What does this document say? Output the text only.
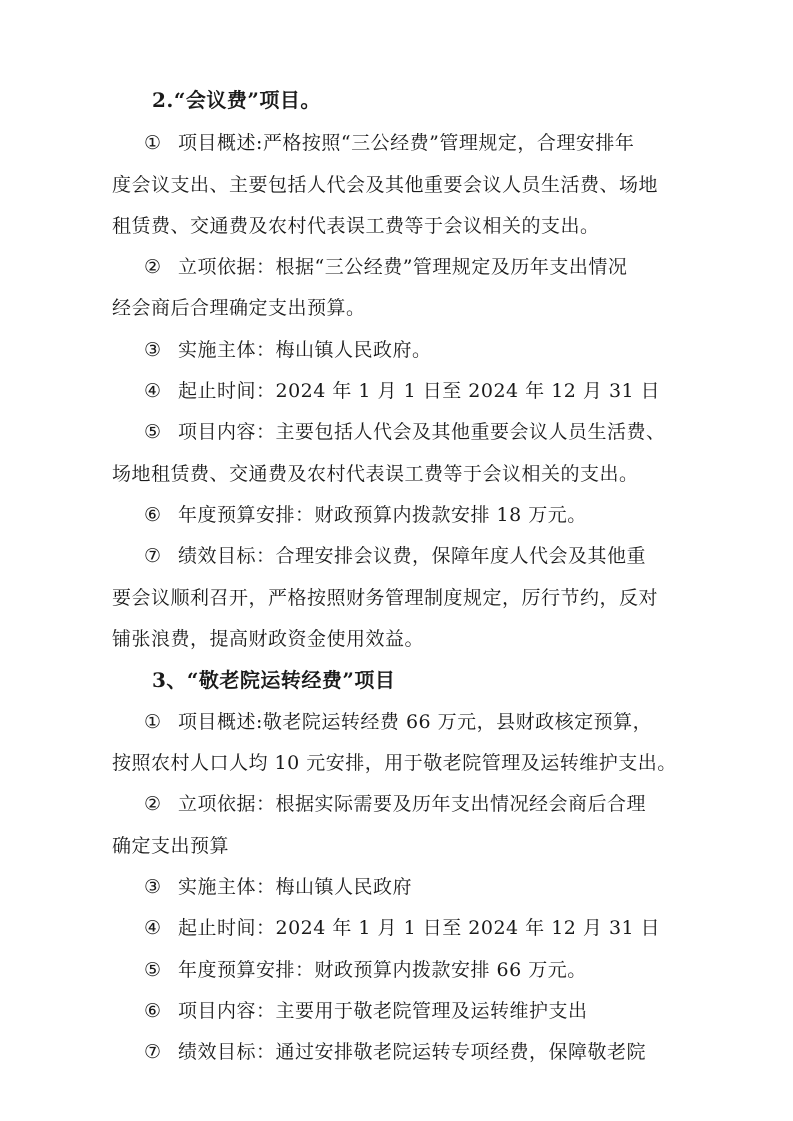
2.“会议费”项目。
① 项目概述:严格按照“三公经费”管理规定，合理安排年
度会议支出、主要包括人代会及其他重要会议人员生活费、场地
租赁费、交通费及农村代表误工费等于会议相关的支出。
② 立项依据：根据“三公经费”管理规定及历年支出情况
经会商后合理确定支出预算。
③ 实施主体：梅山镇人民政府。
④ 起止时间：2024 年 1 月 1 日至 2024 年 12 月 31 日
⑤ 项目内容：主要包括人代会及其他重要会议人员生活费、
场地租赁费、交通费及农村代表误工费等于会议相关的支出。
⑥ 年度预算安排：财政预算内拨款安排 18 万元。
⑦ 绩效目标：合理安排会议费，保障年度人代会及其他重
要会议顺利召开，严格按照财务管理制度规定，厉行节约，反对
铺张浪费，提高财政资金使用效益。
3、“敬老院运转经费”项目
① 项目概述:敬老院运转经费 66 万元，县财政核定预算，
按照农村人口人均 10 元安排，用于敬老院管理及运转维护支出。
② 立项依据：根据实际需要及历年支出情况经会商后合理
确定支出预算
③ 实施主体：梅山镇人民政府
④ 起止时间：2024 年 1 月 1 日至 2024 年 12 月 31 日
⑤ 年度预算安排：财政预算内拨款安排 66 万元。
⑥ 项目内容：主要用于敬老院管理及运转维护支出
⑦ 绩效目标：通过安排敬老院运转专项经费，保障敬老院
